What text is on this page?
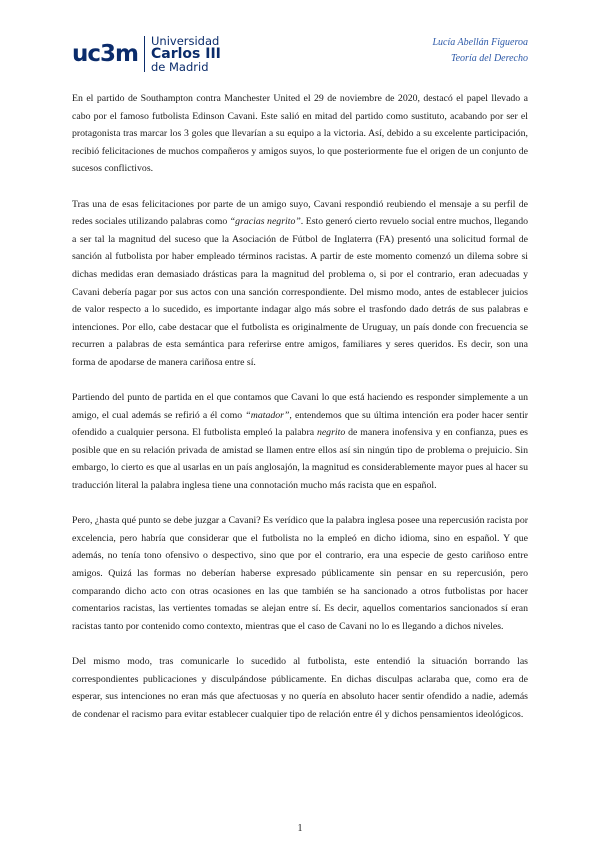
uc3m Universidad
Carlos III
de Madrid
Lucía Abellán Figueroa
Teoría del Derecho

En el partido de Southampton contra Manchester United el 29 de noviembre de 2020, destacó el papel llevado a cabo por el famoso futbolista Edinson Cavani. Este salió en mitad del partido como sustituto, acabando por ser el protagonista tras marcar los 3 goles que llevarían a su equipo a la victoria. Así, debido a su excelente participación, recibió felicitaciones de muchos compañeros y amigos suyos, lo que posteriormente fue el origen de un conjunto de sucesos conflictivos.

Tras una de esas felicitaciones por parte de un amigo suyo, Cavani respondió reubiendo el mensaje a su perfil de redes sociales utilizando palabras como “gracias negrito”. Esto generó cierto revuelo social entre muchos, llegando a ser tal la magnitud del suceso que la Asociación de Fútbol de Inglaterra (FA) presentó una solicitud formal de sanción al futbolista por haber empleado términos racistas. A partir de este momento comenzó un dilema sobre si dichas medidas eran demasiado drásticas para la magnitud del problema o, si por el contrario, eran adecuadas y Cavani debería pagar por sus actos con una sanción correspondiente. Del mismo modo, antes de establecer juicios de valor respecto a lo sucedido, es importante indagar algo más sobre el trasfondo dado detrás de sus palabras e intenciones. Por ello, cabe destacar que el futbolista es originalmente de Uruguay, un país donde con frecuencia se recurren a palabras de esta semántica para referirse entre amigos, familiares y seres queridos. Es decir, son una forma de apodarse de manera cariñosa entre sí.

Partiendo del punto de partida en el que contamos que Cavani lo que está haciendo es responder simplemente a un amigo, el cual además se refirió a él como “matador”, entendemos que su última intención era poder hacer sentir ofendido a cualquier persona. El futbolista empleó la palabra negrito de manera inofensiva y en confianza, pues es posible que en su relación privada de amistad se llamen entre ellos así sin ningún tipo de problema o prejuicio. Sin embargo, lo cierto es que al usarlas en un país anglosajón, la magnitud es considerablemente mayor pues al hacer su traducción literal la palabra inglesa tiene una connotación mucho más racista que en español.

Pero, ¿hasta qué punto se debe juzgar a Cavani? Es verídico que la palabra inglesa posee una repercusión racista por excelencia, pero habría que considerar que el futbolista no la empleó en dicho idioma, sino en español. Y que además, no tenía tono ofensivo o despectivo, sino que por el contrario, era una especie de gesto cariñoso entre amigos. Quizá las formas no deberían haberse expresado públicamente sin pensar en su repercusión, pero comparando dicho acto con otras ocasiones en las que también se ha sancionado a otros futbolistas por hacer comentarios racistas, las vertientes tomadas se alejan entre sí. Es decir, aquellos comentarios sancionados sí eran racistas tanto por contenido como contexto, mientras que el caso de Cavani no lo es llegando a dichos niveles.

Del mismo modo, tras comunicarle lo sucedido al futbolista, este entendió la situación borrando las correspondientes publicaciones y disculpándose públicamente. En dichas disculpas aclaraba que, como era de esperar, sus intenciones no eran más que afectuosas y no quería en absoluto hacer sentir ofendido a nadie, además de condenar el racismo para evitar establecer cualquier tipo de relación entre él y dichos pensamientos ideológicos.

1
